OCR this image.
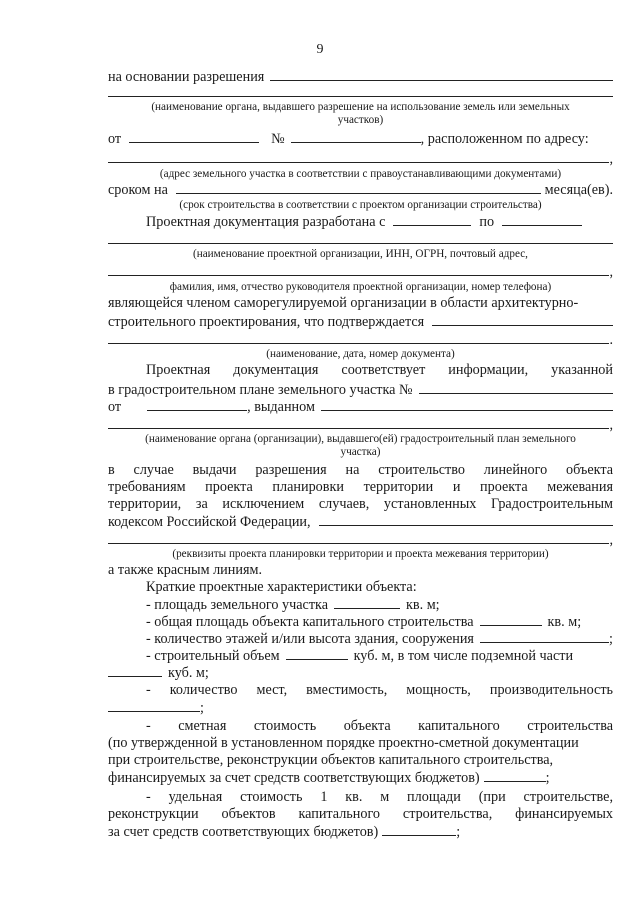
9
на основании разрешения
(наименование органа, выдавшего разрешение на использование земель или земельных
участков)
от	№	, расположенном по адресу:
,
(адрес земельного участка в соответствии с правоустанавливающими документами)
сроком на	месяца(ев).
(срок строительства в соответствии с проектом организации строительства)
Проектная документация разработана с	по
(наименование проектной организации, ИНН, ОГРН, почтовый адрес,
,
фамилия, имя, отчество руководителя проектной организации, номер телефона)
являющейся членом саморегулируемой организации в области архитектурно-
строительного проектирования, что подтверждается
.
(наименование, дата, номер документа)
Проектная документация соответствует информации, указанной
в градостроительном плане земельного участка №
от	, выданном
,
(наименование органа (организации), выдавшего(ей) градостроительный план земельного
участка)
в случае выдачи разрешения на строительство линейного объекта
требованиям проекта планировки территории и проекта межевания
территории, за исключением случаев, установленных Градостроительным
кодексом Российской Федерации,
,
(реквизиты проекта планировки территории и проекта межевания территории)
а также красным линиям.
Краткие проектные характеристики объекта:
- площадь земельного участка	кв. м;
- общая площадь объекта капитального строительства	кв. м;
- количество этажей и/или высота здания, сооружения	;
- строительный объем	куб. м, в том числе подземной части
куб. м;
- количество мест, вместимость, мощность, производительность
;
- сметная стоимость объекта капитального строительства
(по утвержденной в установленном порядке проектно-сметной документации
при строительстве, реконструкции объектов капитального строительства,
финансируемых за счет средств соответствующих бюджетов)	;
- удельная стоимость 1 кв. м площади (при строительстве,
реконструкции объектов капитального строительства, финансируемых
за счет средств соответствующих бюджетов)	;
